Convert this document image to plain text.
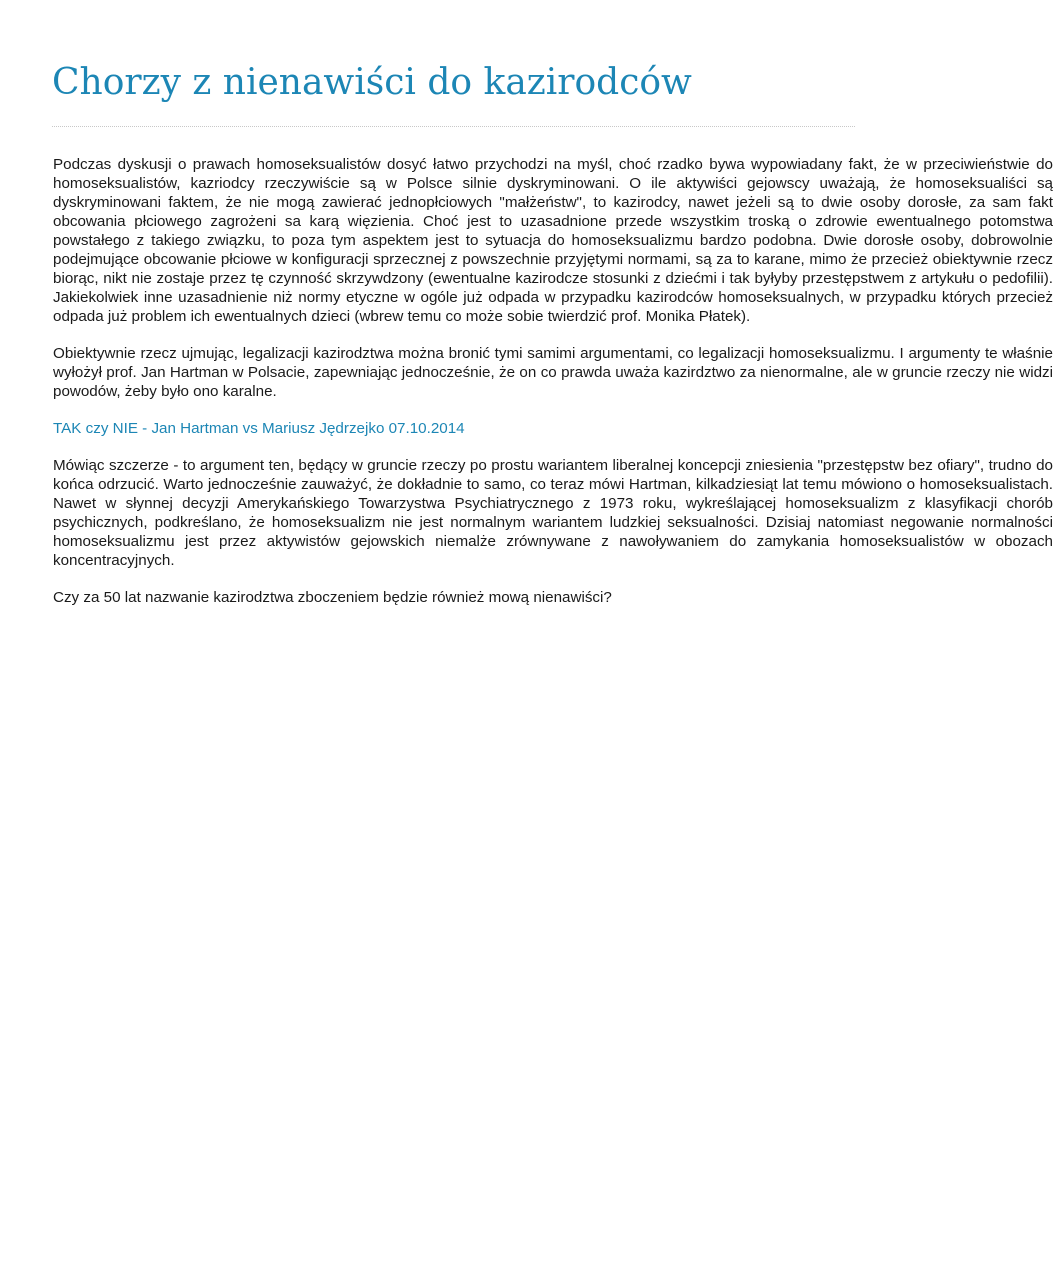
Chorzy z nienawiści do kazirodców

Podczas dyskusji o prawach homoseksualistów dosyć łatwo przychodzi na myśl, choć rzadko bywa wypowiadany fakt, że w przeciwieństwie do homoseksualistów, kazriodcy rzeczywiście są w Polsce silnie dyskryminowani. O ile aktywiści gejowscy uważają, że homoseksualiści są dyskryminowani faktem, że nie mogą zawierać jednopłciowych "małżeństw", to kazirodcy, nawet jeżeli są to dwie osoby dorosłe, za sam fakt obcowania płciowego zagrożeni sa karą więzienia. Choć jest to uzasadnione przede wszystkim troską o zdrowie ewentualnego potomstwa powstałego z takiego związku, to poza tym aspektem jest to sytuacja do homoseksualizmu bardzo podobna. Dwie dorosłe osoby, dobrowolnie podejmujące obcowanie płciowe w konfiguracji sprzecznej z powszechnie przyjętymi normami, są za to karane, mimo że przecież obiektywnie rzecz biorąc, nikt nie zostaje przez tę czynność skrzywdzony (ewentualne kazirodcze stosunki z dziećmi i tak byłyby przestępstwem z artykułu o pedofilii). Jakiekolwiek inne uzasadnienie niż normy etyczne w ogóle już odpada w przypadku kazirodców homoseksualnych, w przypadku których przecież odpada już problem ich ewentualnych dzieci (wbrew temu co może sobie twierdzić prof. Monika Płatek).

Obiektywnie rzecz ujmując, legalizacji kazirodztwa można bronić tymi samimi argumentami, co legalizacji homoseksualizmu. I argumenty te właśnie wyłożył prof. Jan Hartman w Polsacie, zapewniając jednocześnie, że on co prawda uważa kazirdztwo za nienormalne, ale w gruncie rzeczy nie widzi powodów, żeby było ono karalne.

TAK czy NIE - Jan Hartman vs Mariusz Jędrzejko 07.10.2014

Mówiąc szczerze - to argument ten, będący w gruncie rzeczy po prostu wariantem liberalnej koncepcji zniesienia "przestępstw bez ofiary", trudno do końca odrzucić. Warto jednocześnie zauważyć, że dokładnie to samo, co teraz mówi Hartman, kilkadziesiąt lat temu mówiono o homoseksualistach. Nawet w słynnej decyzji Amerykańskiego Towarzystwa Psychiatrycznego z 1973 roku, wykreślającej homoseksualizm z klasyfikacji chorób psychicznych, podkreślano, że homoseksualizm nie jest normalnym wariantem ludzkiej seksualności. Dzisiaj natomiast negowanie normalności homoseksualizmu jest przez aktywistów gejowskich niemalże zrównywane z nawoływaniem do zamykania homoseksualistów w obozach koncentracyjnych.

Czy za 50 lat nazwanie kazirodztwa zboczeniem będzie również mową nienawiści?
